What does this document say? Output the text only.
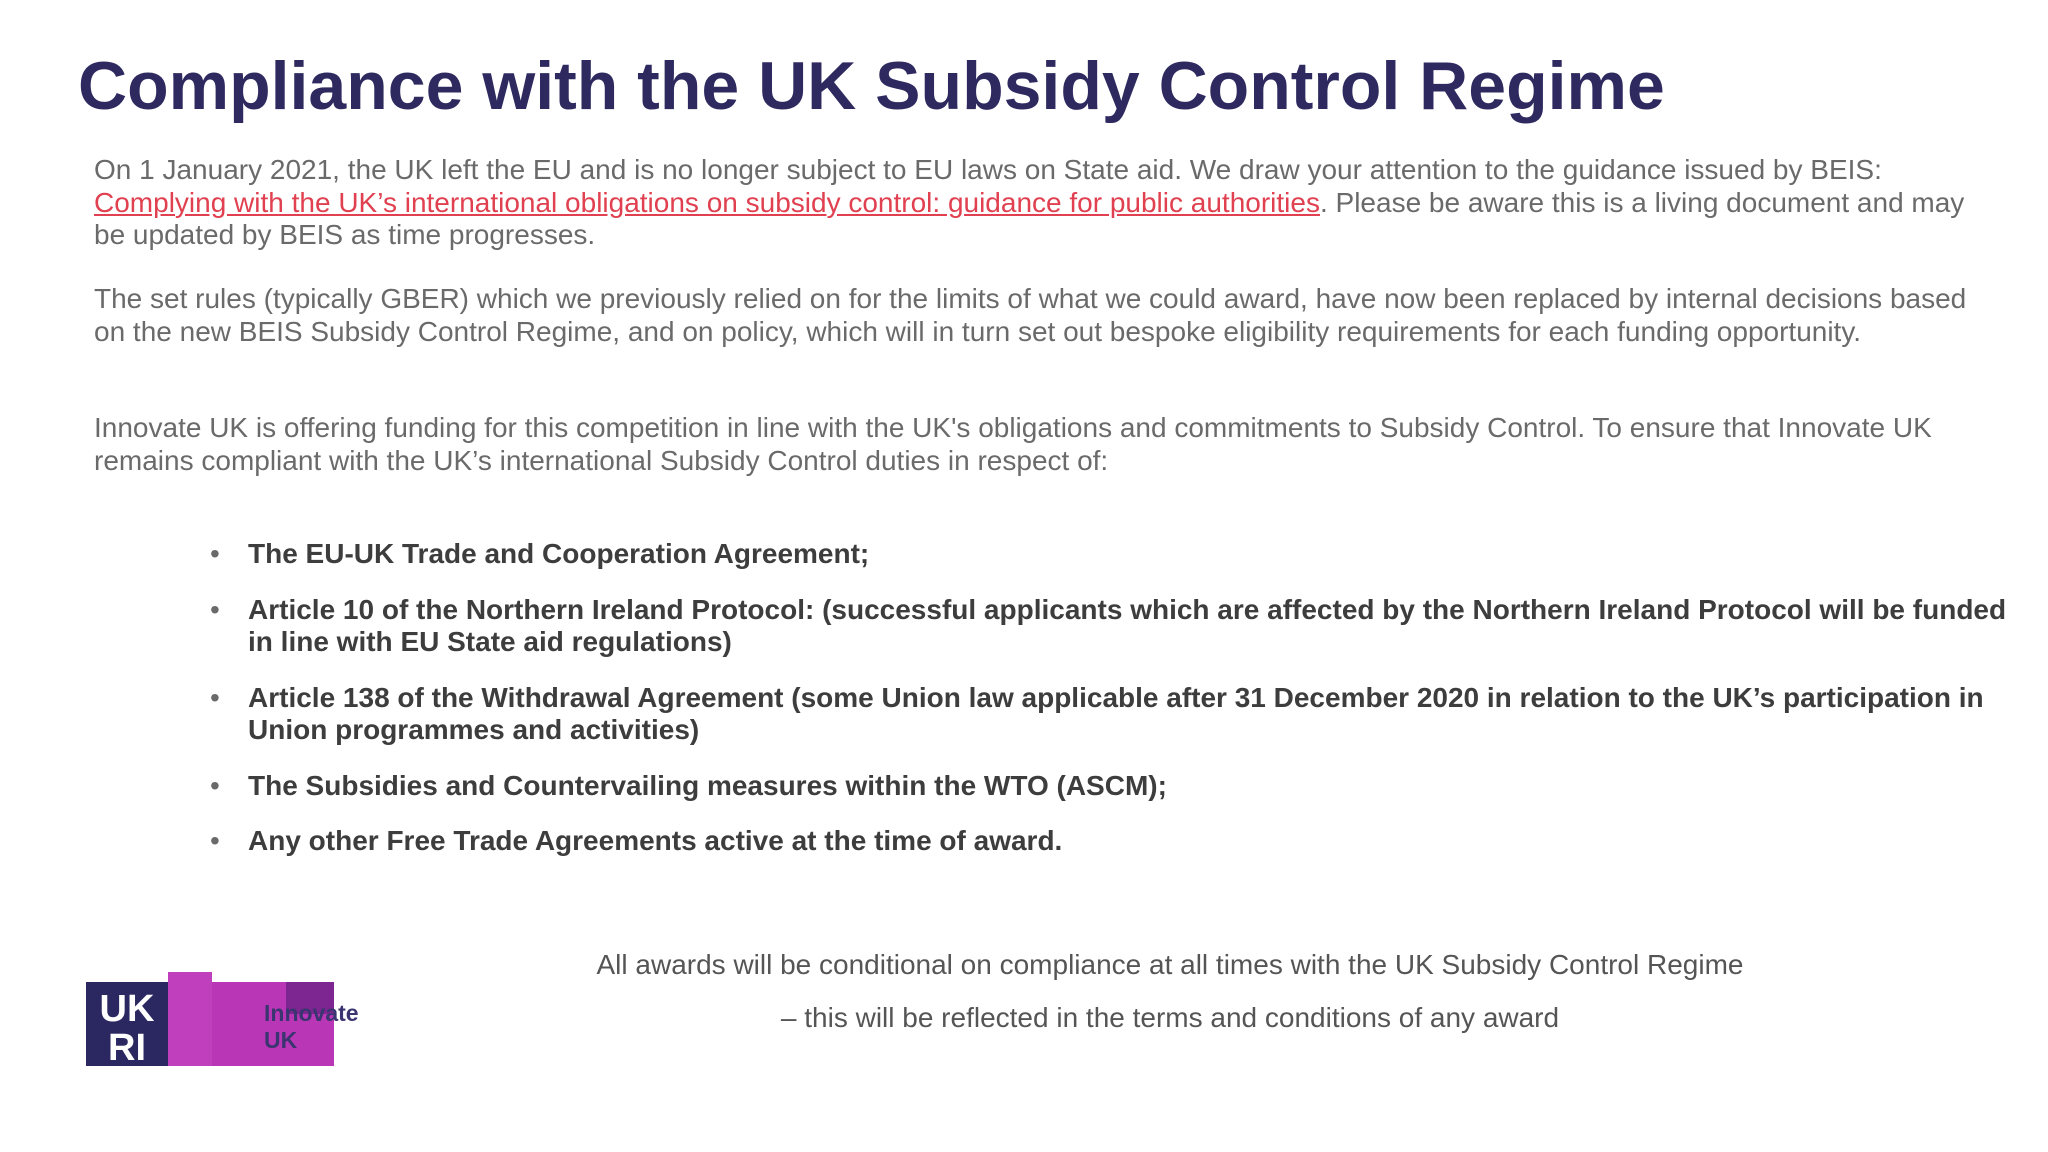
Compliance with the UK Subsidy Control Regime

On 1 January 2021, the UK left the EU and is no longer subject to EU laws on State aid. We draw your attention to the guidance issued by BEIS: Complying with the UK’s international obligations on subsidy control: guidance for public authorities. Please be aware this is a living document and may be updated by BEIS as time progresses.

The set rules (typically GBER) which we previously relied on for the limits of what we could award, have now been replaced by internal decisions based on the new BEIS Subsidy Control Regime, and on policy, which will in turn set out bespoke eligibility requirements for each funding opportunity.

Innovate UK is offering funding for this competition in line with the UK's obligations and commitments to Subsidy Control. To ensure that Innovate UK remains compliant with the UK’s international Subsidy Control duties in respect of:

• The EU-UK Trade and Cooperation Agreement;
• Article 10 of the Northern Ireland Protocol: (successful applicants which are affected by the Northern Ireland Protocol will be funded in line with EU State aid regulations)
• Article 138 of the Withdrawal Agreement (some Union law applicable after 31 December 2020 in relation to the UK’s participation in Union programmes and activities)
• The Subsidies and Countervailing measures within the WTO (ASCM);
• Any other Free Trade Agreements active at the time of award.

All awards will be conditional on compliance at all times with the UK Subsidy Control Regime

– this will be reflected in the terms and conditions of any award

UK
RI
Innovate
UK
